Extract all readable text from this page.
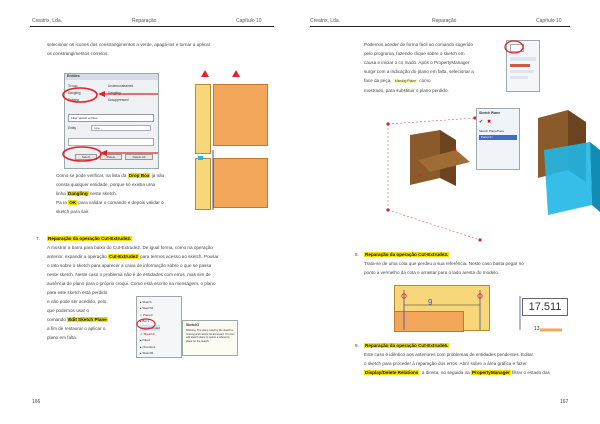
Creatrix, Lda.	Reparação	Capítulo 10
selecionar os ícones dos constrangimentos a verde, apagá-los e tornar a aplicar
os constrangimentos corretos.
Entities
To sup.	Underconstrained
Dangling	Dangling
Existing	Unsuppressed
Filter sketch entities
Entity	Line
Select	Delete	Delete All
Como se pode verificar, na lista da Drop Box já não
consta qualquer entidade, porque só existia uma
linha Dangling neste sketch.
Pa ra OK para validar o comando e depois validar o
sketch para sair.
7. Reparação da operação Cut-Extrude2.
A mostrar a barra para baixo do Cut-Extrude2. De igual forma, como na operação
anterior, expandir a operação Cut-Extrude2 para termos acesso ao sketch. Pousar
o rato sobre o sketch para aparecer a caixa de informação sobre o que se passa
neste sketch. Neste caso o problema não é de entidades com erros, mas sim de
ausência de plano para o próprio croqui. Como está escrito na mensagem, o plano
para este sketch está perdido
e não pode ser acedido, pelo
que podemos usar o
comando Edit Sketch Plane
a fim de restaurar o aplicar o
plano em falta.
▸ Sketch
▸ Sketch2
◇ Plane3
▸ Bel 1
▾ Cut-Extrude2
⚠ Sketch3
▸ Fillet1
▸ Chamfer1
▸ Sketch5
Sketch3
Warning: The plane used by the sketch is missing and cannot be accessed. You can edit sketch plane to select a reference plane for the sketch.
166
Creatrix, Lda.	Reparação	Capítulo 10
Podemos aceder de forma fácil ao comando sugerido
pelo programa, fazendo clique sobre o sketch em
causa e iniciar o co mado. Após o PropertyManager
surgir com a indicação do plano em falta, selecionar a
face da peça, Missing Plane como
mostrado, para substituir o plano perdido.
Sketch Plane
✔ ✖
Sketch Plane/Face
Face<1>
8. Reparação da operação Cut-Extrude3.
Trata-se de uma cota que perdeu a sua referência. Neste caso basta pegar no
ponto a vermelho da cota e arrastar para o lado aresta do modelo.
9	17.511
13
9. Reparação da operação Cut-Extrude6.
Este caso é idêntico aos anteriores com problemas de entidades pendentes. Editar
o sketch para proceder à reparação dos erros. Abrir sobre a área gráfica e fazer
Display/Delete Relations, à direita, no seguida na PropertyManager filtrar o estado das
167
